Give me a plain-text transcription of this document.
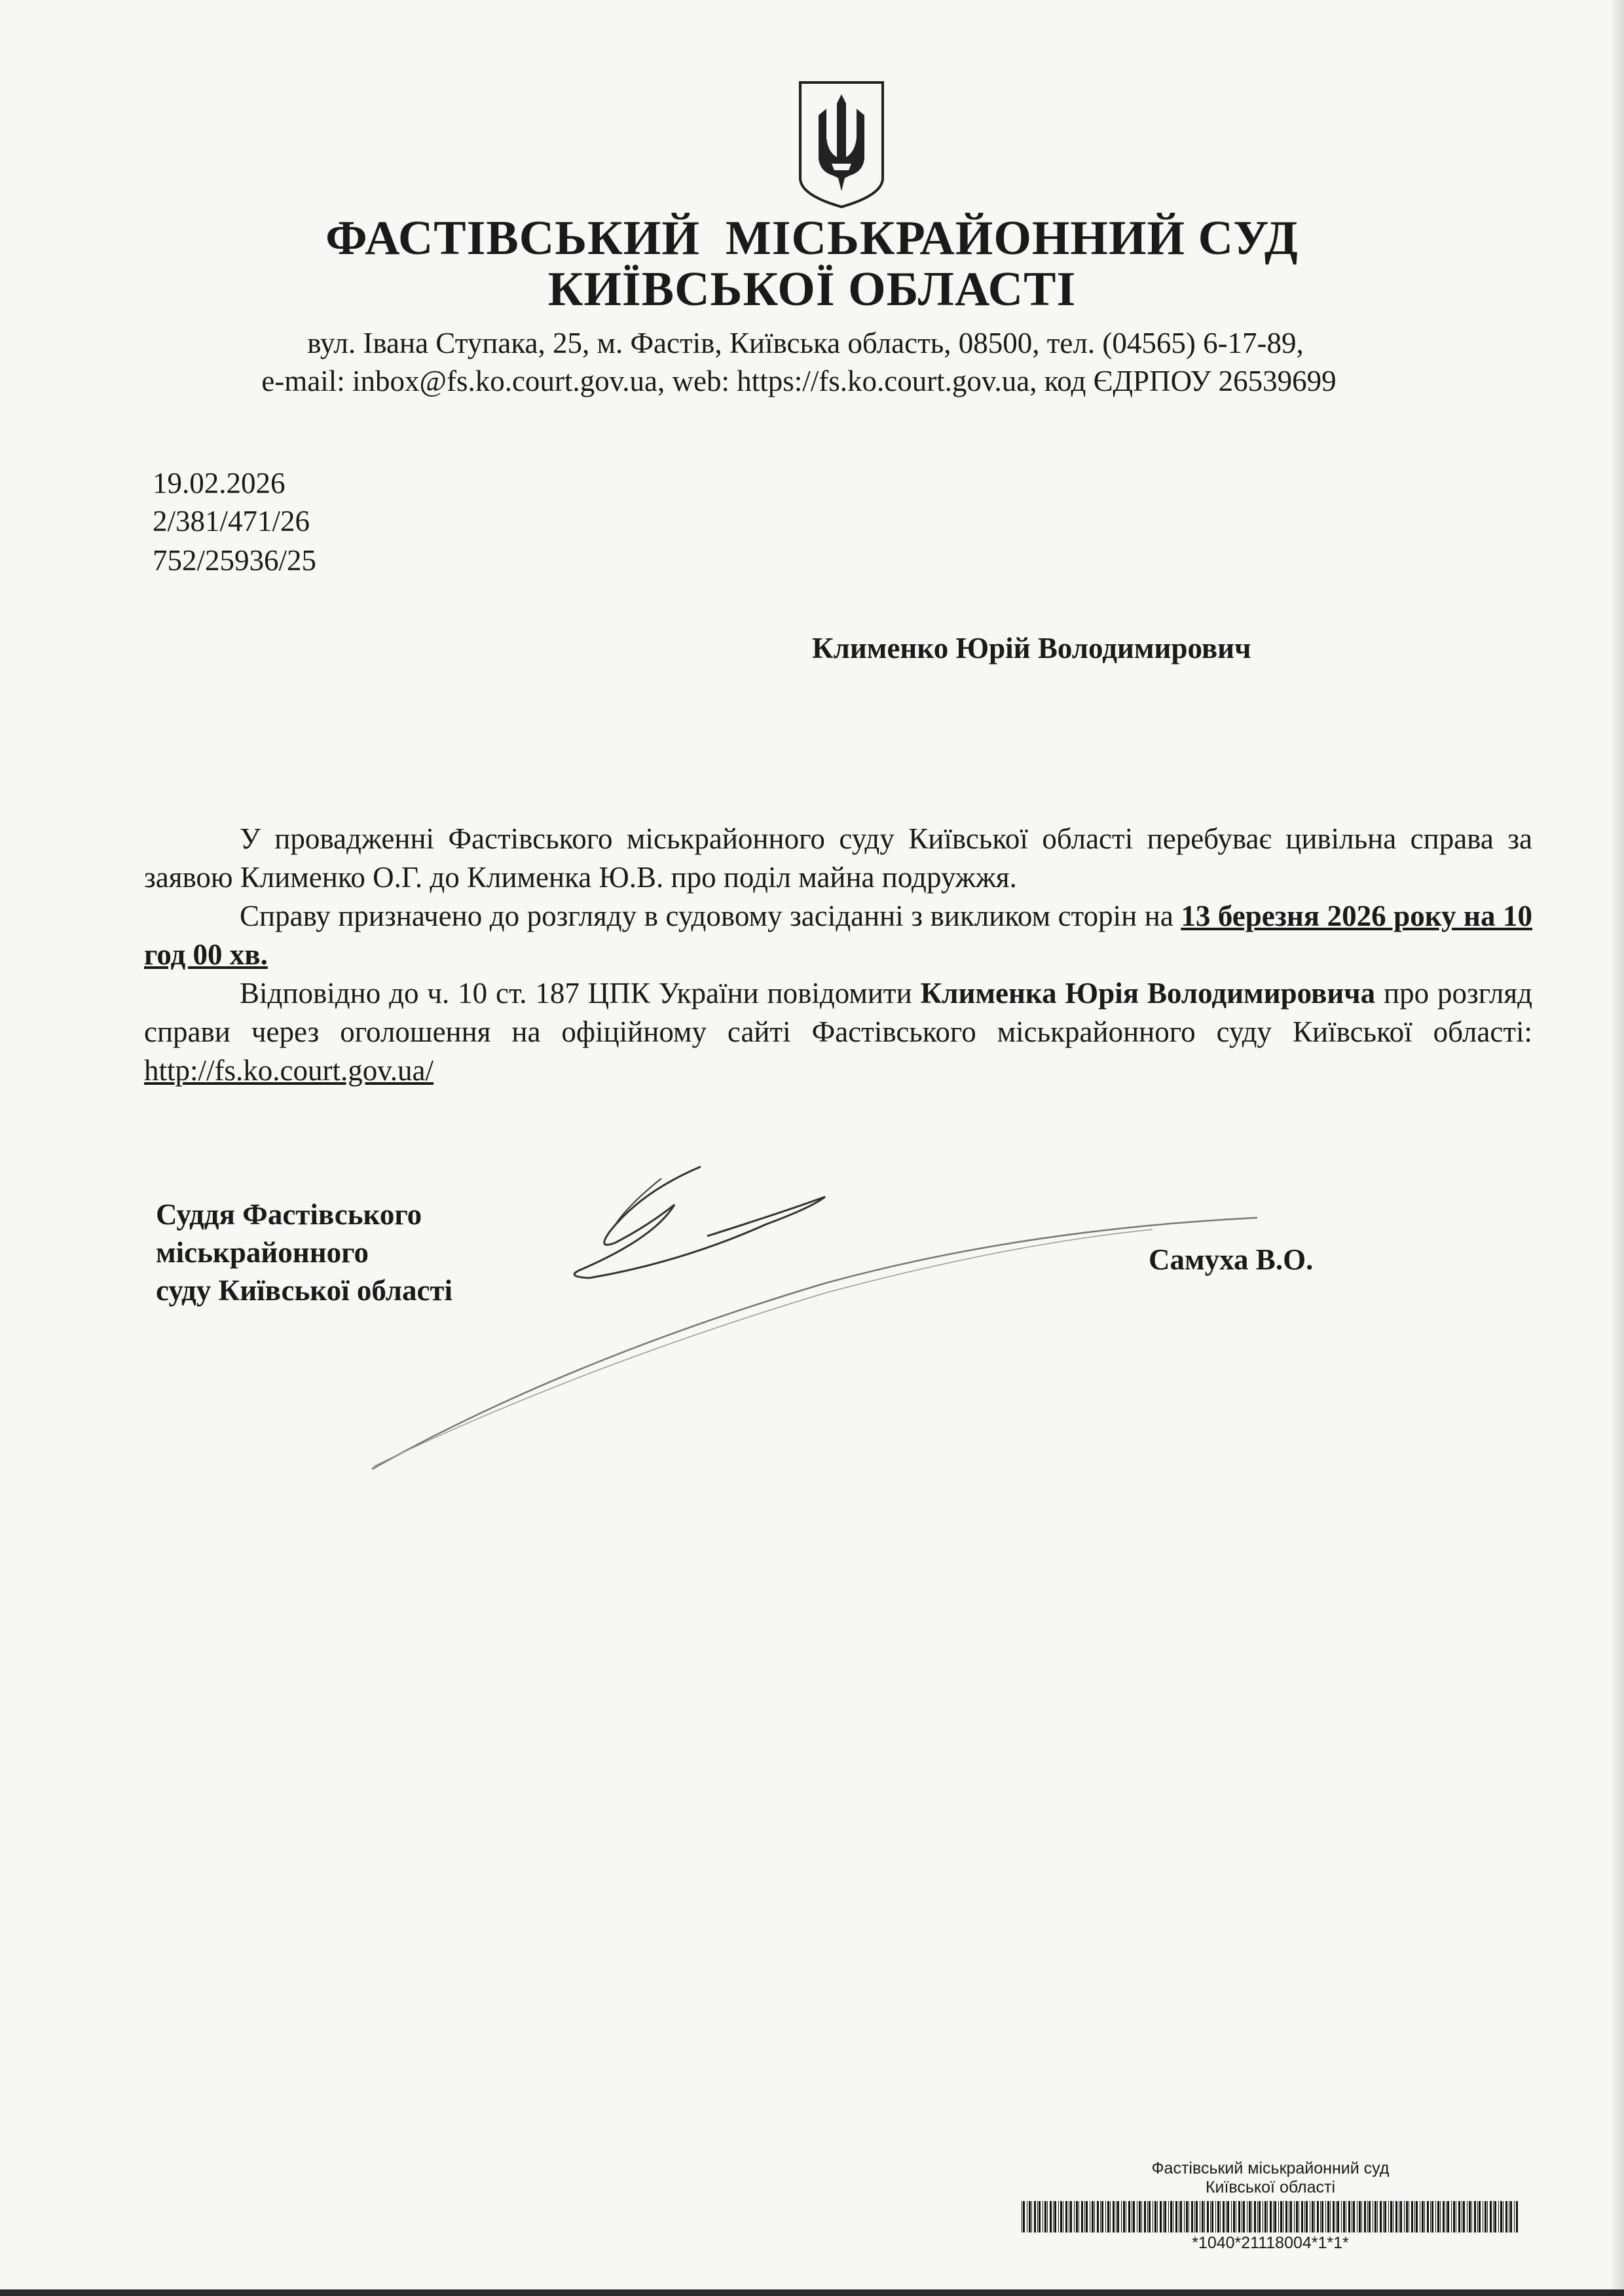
ФАСТІВСЬКИЙ  МІСЬКРАЙОННИЙ СУД
КИЇВСЬКОЇ ОБЛАСТІ
вул. Івана Ступака, 25, м. Фастів, Київська область, 08500, тел. (04565) 6-17-89,
e-mail: inbox@fs.ko.court.gov.ua, web: https://fs.ko.court.gov.ua, код ЄДРПОУ 26539699
19.02.2026
2/381/471/26
752/25936/25
Клименко Юрій Володимирович
У провадженні Фастівського міськрайонного суду Київської області перебуває цивільна справа за заявою Клименко О.Г. до Клименка Ю.В. про поділ майна подружжя.
Справу призначено до розгляду в судовому засіданні з викликом сторін на 13 березня 2026 року на 10 год 00 хв.
Відповідно до ч. 10 ст. 187 ЦПК України повідомити Клименка Юрія Володимировича про розгляд справи через оголошення на офіційному сайті Фастівського міськрайонного суду Київської області: http://fs.ko.court.gov.ua/
Суддя Фастівського
міськрайонного
суду Київської області
Самуха В.О.
Фастівський міськрайонний суд
Київської області
*1040*21118004*1*1*
